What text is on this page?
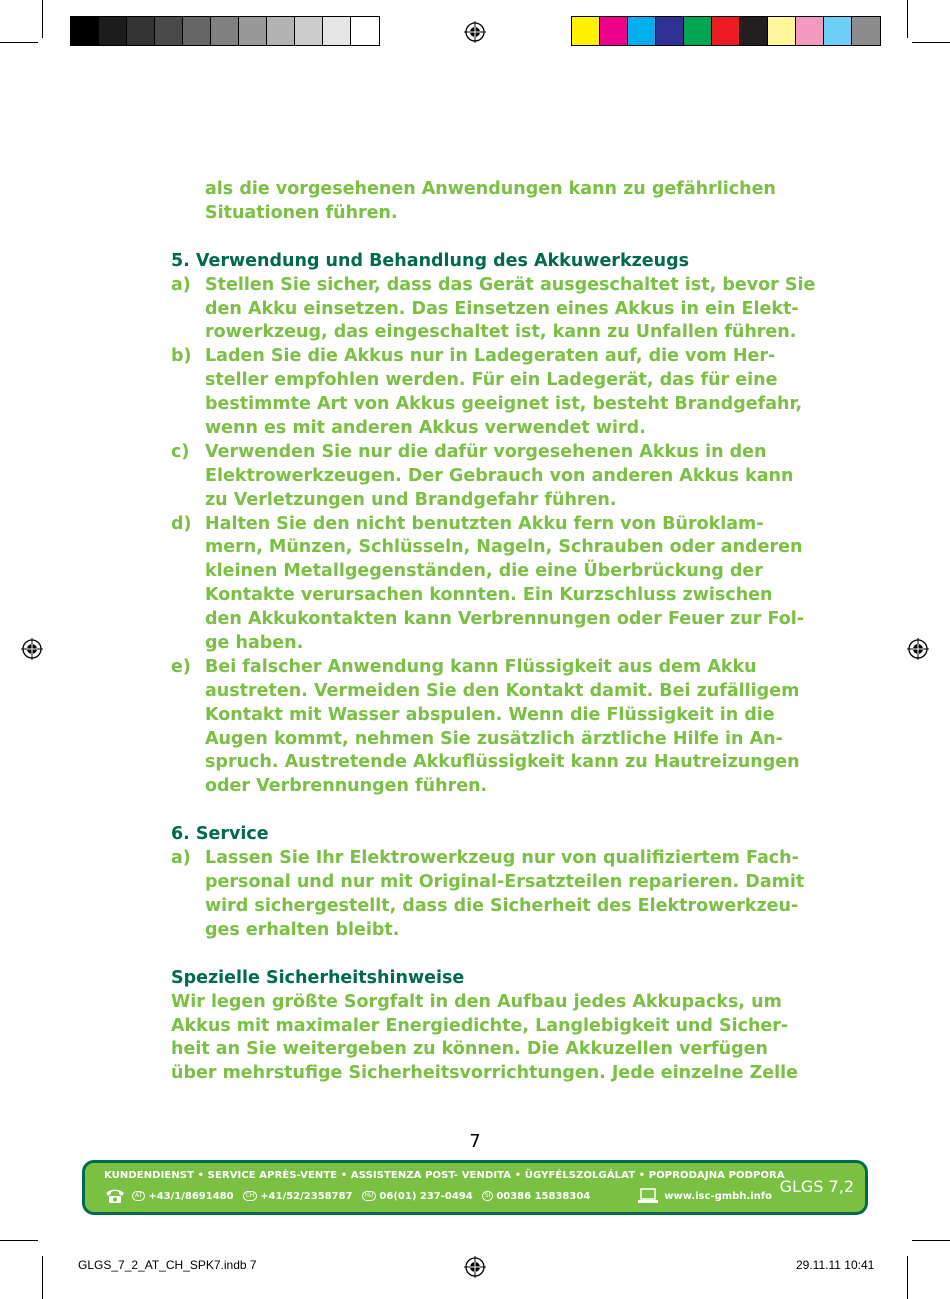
als die vorgesehenen Anwendungen kann zu gefährlichen
Situationen führen.
5. Verwendung und Behandlung des Akkuwerkzeugs
a) Stellen Sie sicher, dass das Gerät ausgeschaltet ist, bevor Sie
den Akku einsetzen. Das Einsetzen eines Akkus in ein Elekt-
rowerkzeug, das eingeschaltet ist, kann zu Unfallen führen.
b) Laden Sie die Akkus nur in Ladegeraten auf, die vom Her-
steller empfohlen werden. Für ein Ladegerät, das für eine
bestimmte Art von Akkus geeignet ist, besteht Brandgefahr,
wenn es mit anderen Akkus verwendet wird.
c) Verwenden Sie nur die dafür vorgesehenen Akkus in den
Elektrowerkzeugen. Der Gebrauch von anderen Akkus kann
zu Verletzungen und Brandgefahr führen.
d) Halten Sie den nicht benutzten Akku fern von Büroklam-
mern, Münzen, Schlüsseln, Nageln, Schrauben oder anderen
kleinen Metallgegenständen, die eine Überbrückung der
Kontakte verursachen konnten. Ein Kurzschluss zwischen
den Akkukontakten kann Verbrennungen oder Feuer zur Fol-
ge haben.
e) Bei falscher Anwendung kann Flüssigkeit aus dem Akku
austreten. Vermeiden Sie den Kontakt damit. Bei zufälligem
Kontakt mit Wasser abspulen. Wenn die Flüssigkeit in die
Augen kommt, nehmen Sie zusätzlich ärztliche Hilfe in An-
spruch. Austretende Akkuflüssigkeit kann zu Hautreizungen
oder Verbrennungen führen.
6. Service
a) Lassen Sie Ihr Elektrowerkzeug nur von qualifiziertem Fach-
personal und nur mit Original-Ersatzteilen reparieren. Damit
wird sichergestellt, dass die Sicherheit des Elektrowerkzeu-
ges erhalten bleibt.
Spezielle Sicherheitshinweise
Wir legen größte Sorgfalt in den Aufbau jedes Akkupacks, um
Akkus mit maximaler Energiedichte, Langlebigkeit und Sicher-
heit an Sie weitergeben zu können. Die Akkuzellen verfügen
über mehrstufige Sicherheitsvorrichtungen. Jede einzelne Zelle
7
KUNDENDIENST • SERVICE APRÈS-VENTE • ASSISTENZA POST- VENDITA • ÜGYFÉLSZOLGÁLAT • POPRODAJNA PODPORA
AT +43/1/8691480	CH +41/52/2358787	HU 06(01) 237-0494	SI 00386 15838304	www.isc-gmbh.info GLGS 7,2
GLGS_7_2_AT_CH_SPK7.indb 7	29.11.11 10:41
